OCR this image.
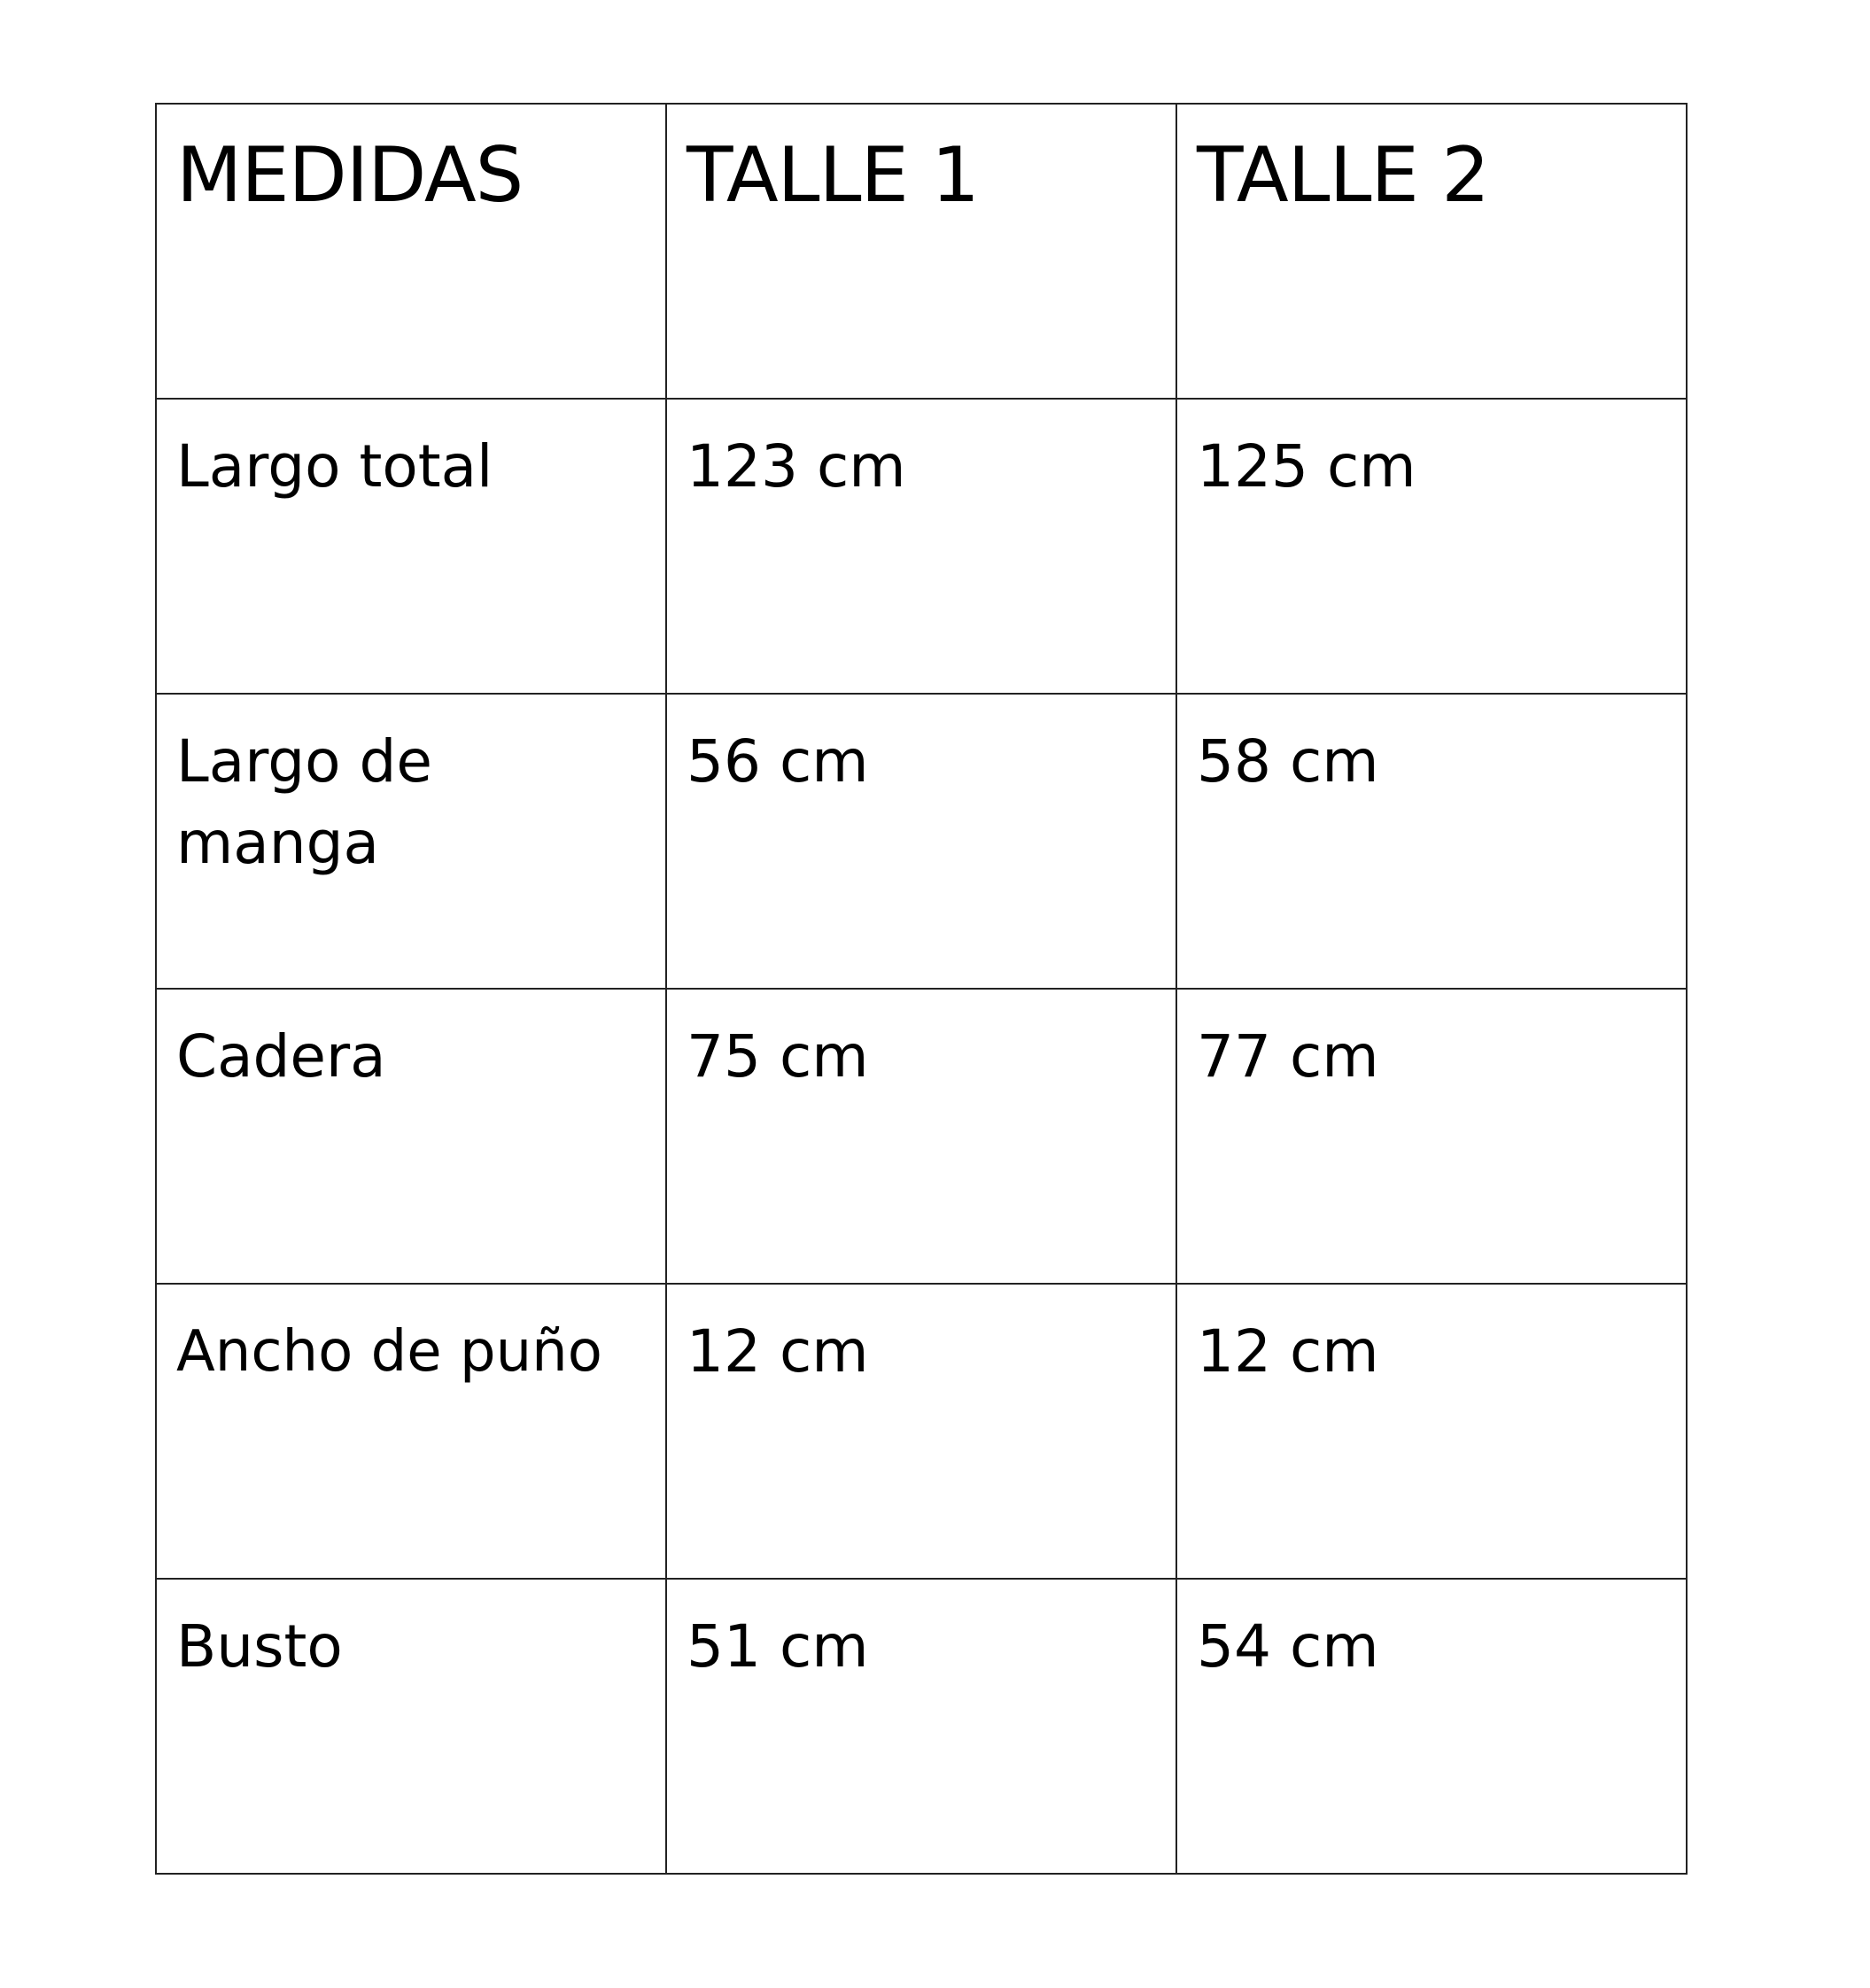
MEDIDAS	TALLE 1	TALLE 2
Largo total	123 cm	125 cm
Largo de manga	56 cm	58 cm
Cadera	75 cm	77 cm
Ancho de puño	12 cm	12 cm
Busto	51 cm	54 cm
